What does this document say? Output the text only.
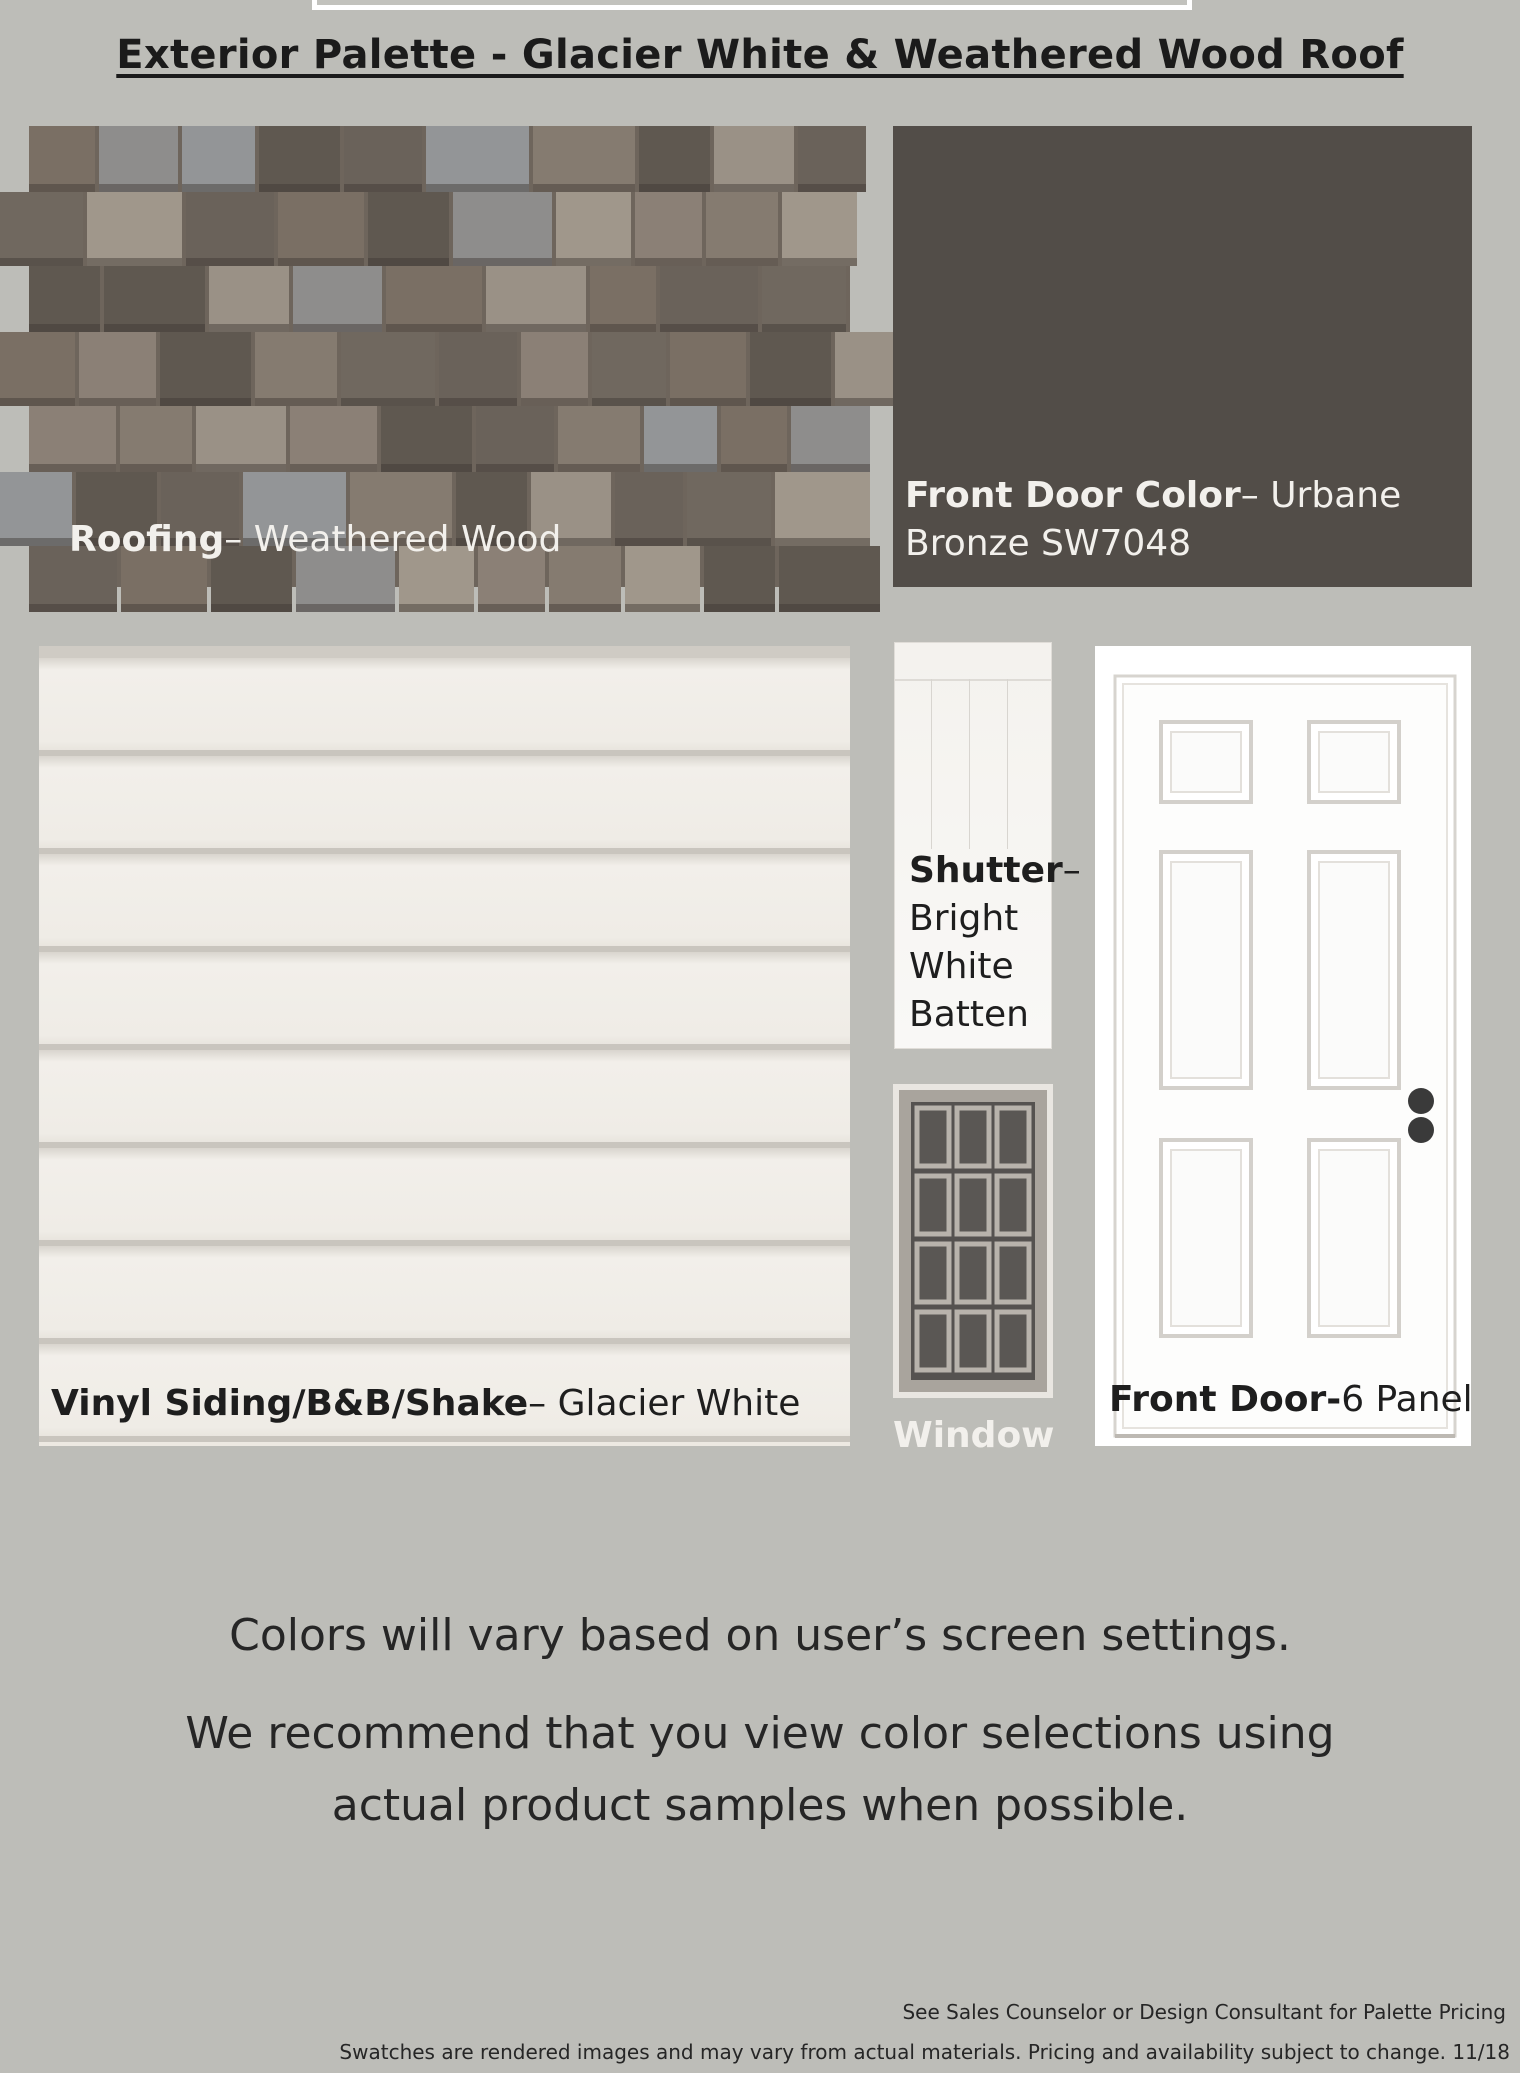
Exterior Palette - Glacier White & Weathered Wood Roof
Roofing– Weathered Wood
Front Door Color– Urbane
Bronze SW7048
Vinyl Siding/B&B/Shake– Glacier White
Shutter–
Bright
White
Batten
Window
Front Door-6 Panel
Colors will vary based on user’s screen settings.
We recommend that you view color selections using
actual product samples when possible.
See Sales Counselor or Design Consultant for Palette Pricing
Swatches are rendered images and may vary from actual materials. Pricing and availability subject to change. 11/18
